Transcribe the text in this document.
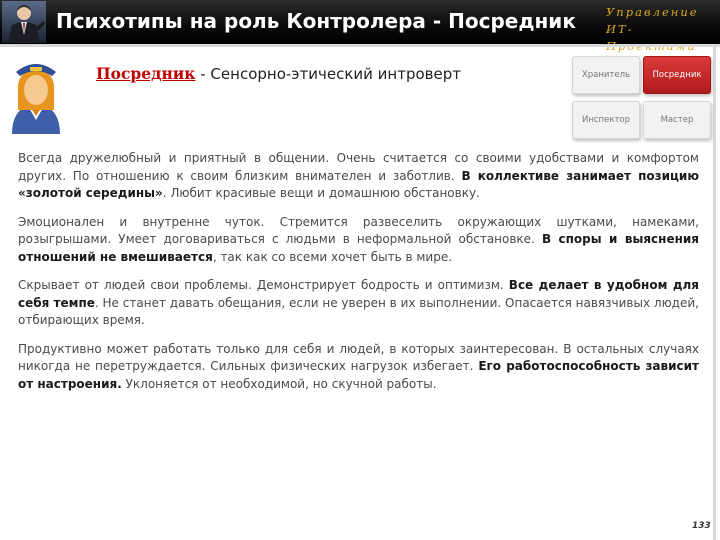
Психотипы на роль Контролера - Посредник	Управление
ИТ-
Посредник - Сенсорно-этический интроверт	Хранитель	Посредник
Инспектор	Мастер

Всегда дружелюбный и приятный в общении. Очень считается со своими удобствами и комфортом других. По отношению к своим близким внимателен и заботлив. В коллективе занимает позицию «золотой середины». Любит красивые вещи и домашнюю обстановку.

Эмоционален и внутренне чуток. Стремится развеселить окружающих шутками, намеками, розыгрышами. Умеет договариваться с людьми в неформальной обстановке. В споры и выяснения отношений не вмешивается, так как со всеми хочет быть в мире.

Скрывает от людей свои проблемы. Демонстрирует бодрость и оптимизм. Все делает в удобном для себя темпе. Не станет давать обещания, если не уверен в их выполнении. Опасается навязчивых людей, отбирающих время.

Продуктивно может работать только для себя и людей, в которых заинтересован. В остальных случаях никогда не перетруждается. Сильных физических нагрузок избегает. Его работоспособность зависит от настроения. Уклоняется от необходимой, но скучной работы.

133
